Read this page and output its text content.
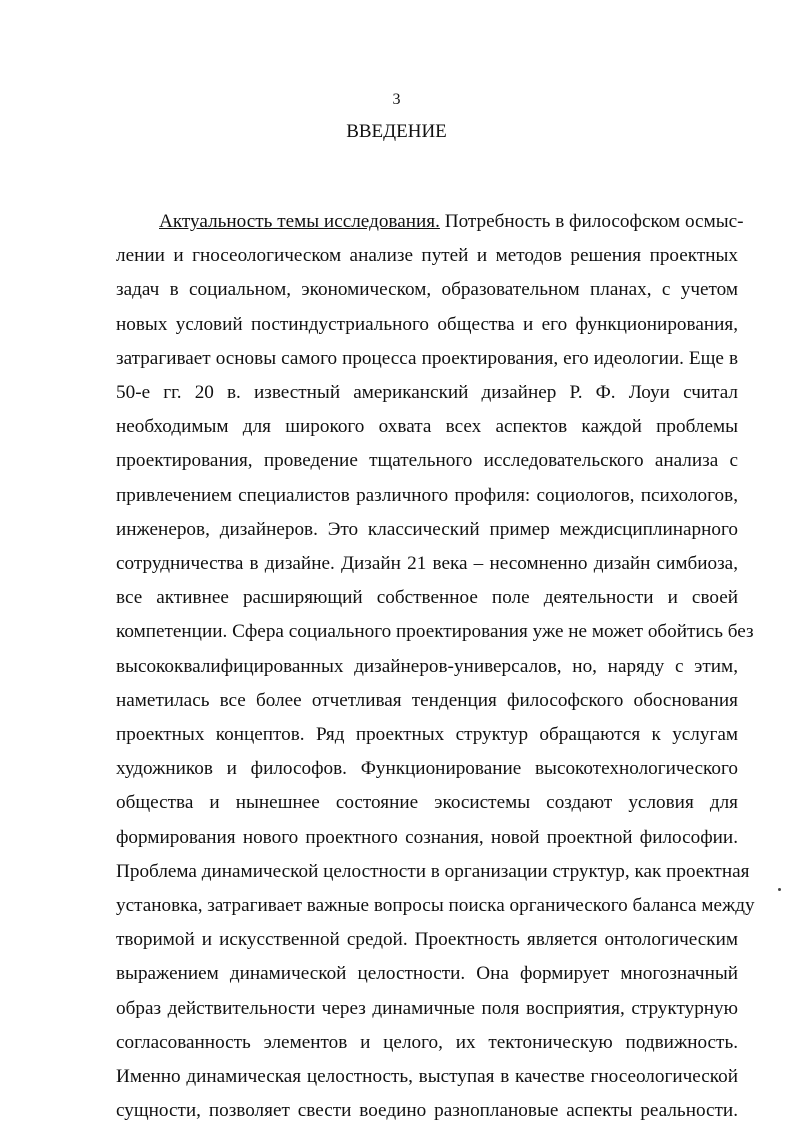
3
ВВЕДЕНИЕ
Актуальность темы исследования. Потребность в философском осмыс-
лении и гносеологическом анализе путей и методов решения проектных
задач в социальном, экономическом, образовательном планах, с учетом
новых условий постиндустриального общества и его функционирования,
затрагивает основы самого процесса проектирования, его идеологии. Еще в
50-е гг. 20 в. известный американский дизайнер Р. Ф. Лоуи считал
необходимым для широкого охвата всех аспектов каждой проблемы
проектирования, проведение тщательного исследовательского анализа с
привлечением специалистов различного профиля: социологов, психологов,
инженеров, дизайнеров. Это классический пример междисциплинарного
сотрудничества в дизайне. Дизайн 21 века – несомненно дизайн симбиоза,
все активнее расширяющий собственное поле деятельности и своей
компетенции. Сфера социального проектирования уже не может обойтись без
высококвалифицированных дизайнеров-универсалов, но, наряду с этим,
наметилась все более отчетливая тенденция философского обоснования
проектных концептов. Ряд проектных структур обращаются к услугам
художников и философов. Функционирование высокотехнологического
общества и нынешнее состояние экосистемы создают условия для
формирования нового проектного сознания, новой проектной философии.
Проблема динамической целостности в организации структур, как проектная
установка, затрагивает важные вопросы поиска органического баланса между
творимой и искусственной средой. Проектность является онтологическим
выражением динамической целостности. Она формирует многозначный
образ действительности через динамичные поля восприятия, структурную
согласованность элементов и целого, их тектоническую подвижность.
Именно динамическая целостность, выступая в качестве гносеологической
сущности, позволяет свести воедино разноплановые аспекты реальности.
